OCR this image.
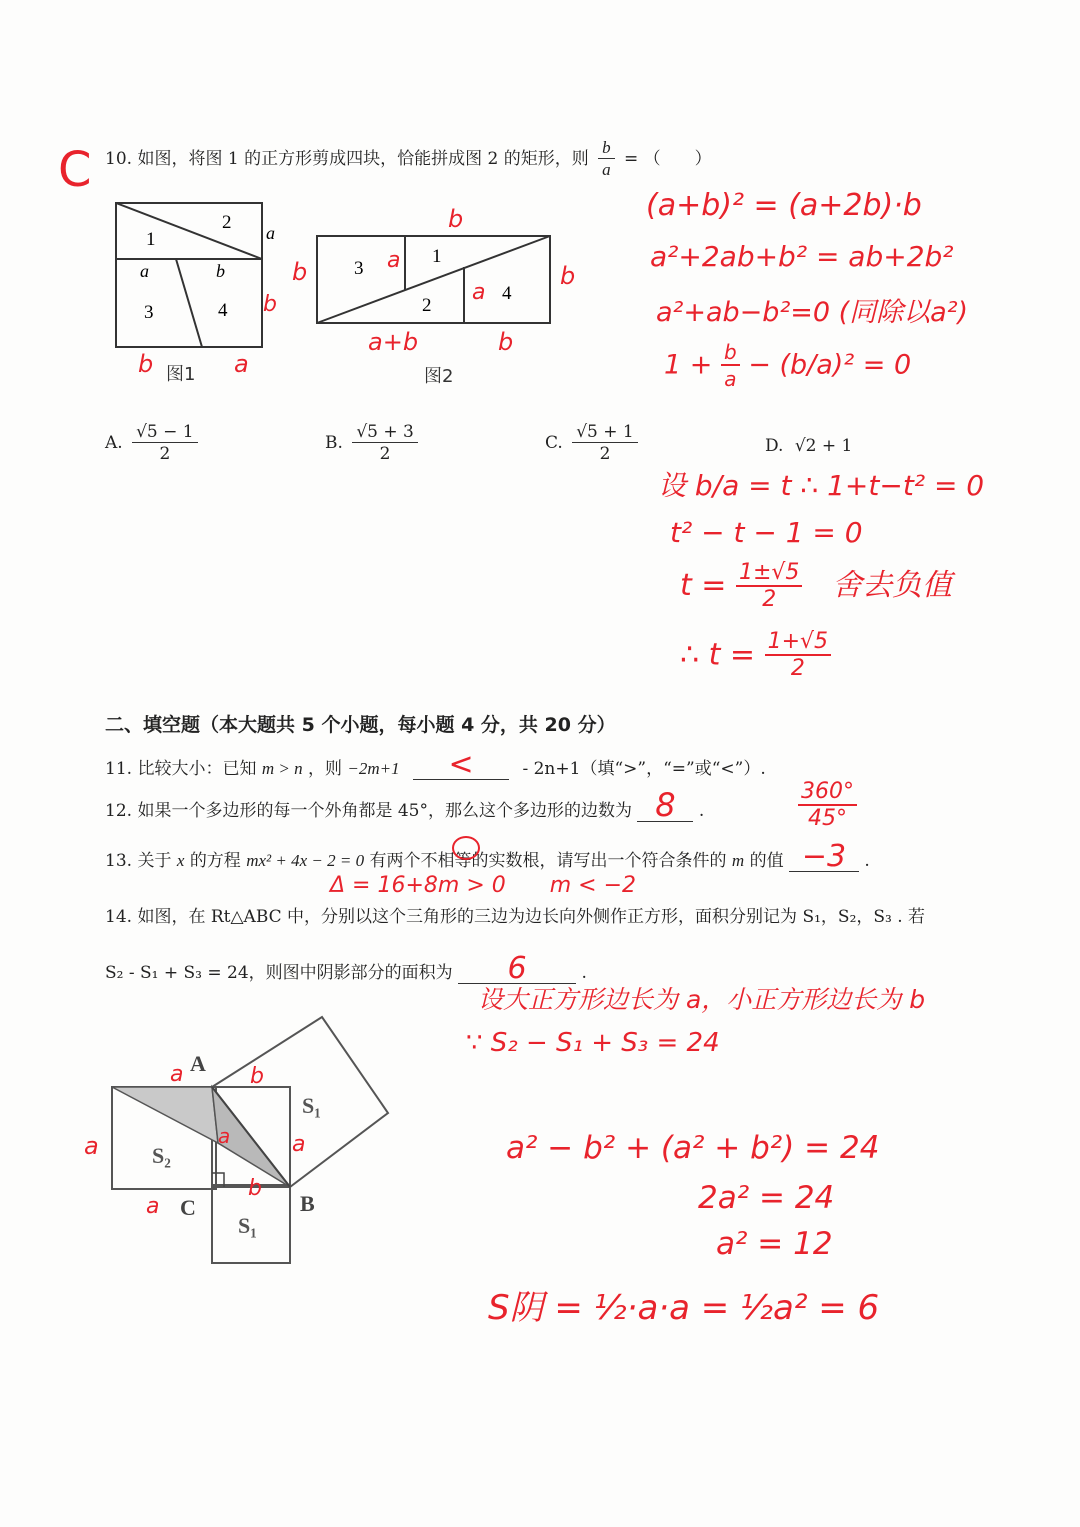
10. 如图，将图 1 的正方形剪成四块，恰能拼成图 2 的矩形，则 $\frac{b}{a}$ = （　　）
C
1
2
3	4
a	b
a
b
b	a
图1
3
1
2
4
a
a
b
b	b
a+b	b
图2
A. $\frac{√5 - 1}{2}$	B. $\frac{√5 + 3}{2}$	C. $\frac{√5 + 1}{2}$	D. √2 + 1
(a+b)² = (a+2b)·b
a²+2ab+b² = ab+2b²
a²+ab−b²=0 (同除以a²)
$1 + \frac{b}{a} - (b/a)^2 = 0$
设 b/a = t ∴ 1+t−t² = 0
t² − t − 1 = 0
$t = \frac{1\pm√5}{2}$ 舍去负值
∴ $t = \frac{1+√5}{2}$
二、填空题（本大题共 5 个小题，每小题 4 分，共 20 分）
11. 比较大小：已知 m > n ，则 −2m+1 <	- 2n+1（填“>”，“=”或“<”）.
12. 如果一个多边形的每一个外角都是 45°，那么这个多边形的边数为 8 .	$\frac{360^\circ}{45^\circ}$
13. 关于 x 的方程 mx² + 4x − 2 = 0 有两个不相等的实数根，请写出一个符合条件的 m 的值 −3 .
Δ = 16+8m > 0　　m < −2
14. 如图，在 Rt△ABC 中，分别以这个三角形的三边为边长向外侧作正方形，面积分别记为 S₁，S₂，S₃ . 若
S₂ - S₁ + S₃ = 24，则图中阴影部分的面积为 6	.
A
B
C
S₁
S₂
S₁
a
a	b
a	a
a
b
设大正方形边长为 a，小正方形边长为 b
∵ S₂ − S₁ + S₃ = 24
a² − b² + (a² + b²) = 24
2a² = 24
a² = 12
S阴 = ½·a·a = ½a² = 6
